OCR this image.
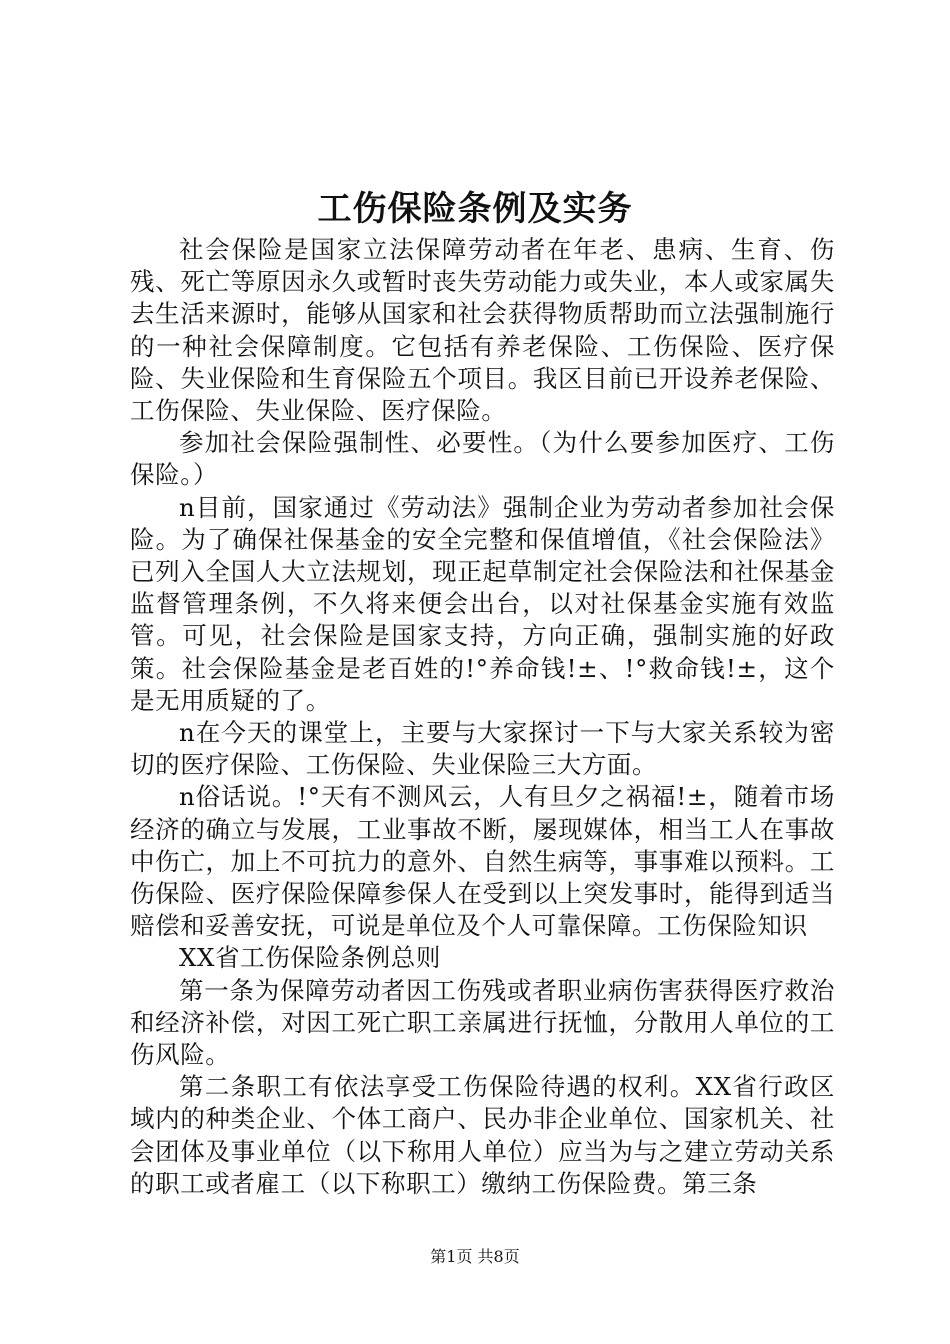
工伤保险条例及实务

社会保险是国家立法保障劳动者在年老、患病、生育、伤残、死亡等原因永久或暂时丧失劳动能力或失业，本人或家属失去生活来源时，能够从国家和社会获得物质帮助而立法强制施行的一种社会保障制度。它包括有养老保险、工伤保险、医疗保险、失业保险和生育保险五个项目。我区目前已开设养老保险、工伤保险、失业保险、医疗保险。

参加社会保险强制性、必要性。（为什么要参加医疗、工伤保险。）

n目前，国家通过《劳动法》强制企业为劳动者参加社会保险。为了确保社保基金的安全完整和保值增值，《社会保险法》已列入全国人大立法规划，现正起草制定社会保险法和社保基金监督管理条例，不久将来便会出台，以对社保基金实施有效监管。可见，社会保险是国家支持，方向正确，强制实施的好政策。社会保险基金是老百姓的!°养命钱!±、!°救命钱!±，这个是无用质疑的了。

n在今天的课堂上，主要与大家探讨一下与大家关系较为密切的医疗保险、工伤保险、失业保险三大方面。

n俗话说。!°天有不测风云，人有旦夕之祸福!±，随着市场经济的确立与发展，工业事故不断，屡现媒体，相当工人在事故中伤亡，加上不可抗力的意外、自然生病等，事事难以预料。工伤保险、医疗保险保障参保人在受到以上突发事时，能得到适当赔偿和妥善安抚，可说是单位及个人可靠保障。工伤保险知识

XX省工伤保险条例总则

第一条为保障劳动者因工伤残或者职业病伤害获得医疗救治和经济补偿，对因工死亡职工亲属进行抚恤，分散用人单位的工伤风险。

第二条职工有依法享受工伤保险待遇的权利。XX省行政区域内的种类企业、个体工商户、民办非企业单位、国家机关、社会团体及事业单位（以下称用人单位）应当为与之建立劳动关系的职工或者雇工（以下称职工）缴纳工伤保险费。第三条

第1页 共8页
